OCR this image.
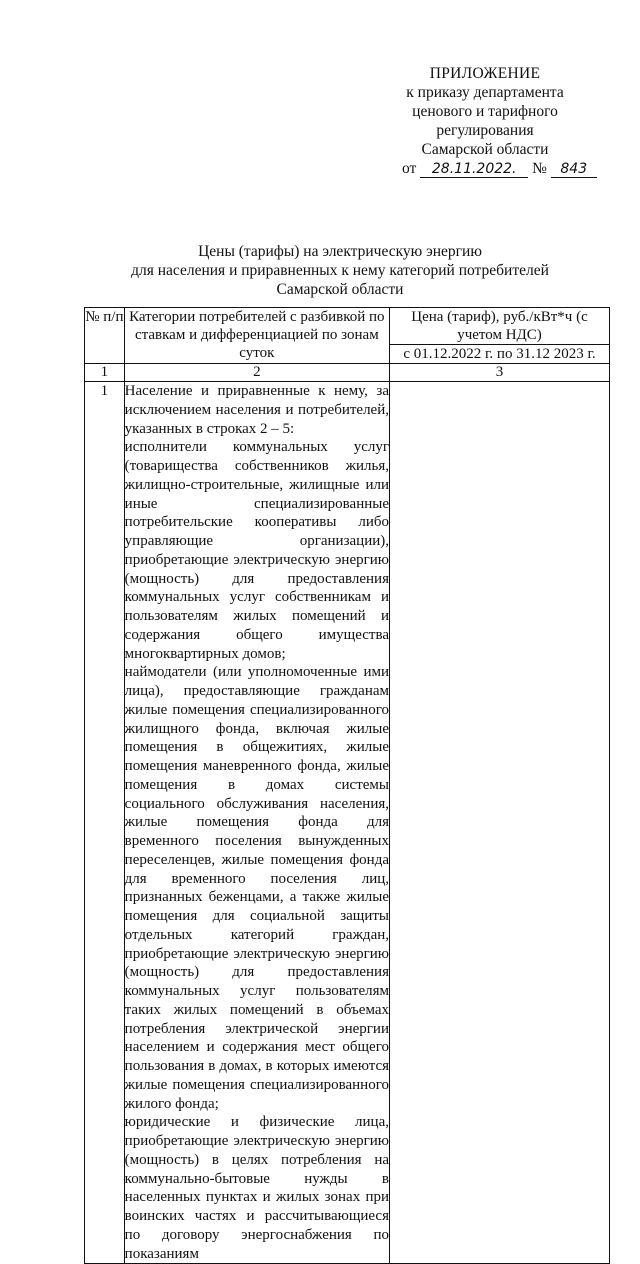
ПРИЛОЖЕНИЕ
к приказу департамента
ценового и тарифного
регулирования
Самарской области
от 28.11.2022. № 843
Цены (тарифы) на электрическую энергию
для населения и приравненных к нему категорий потребителей
Самарской области
№ п/п	Категории потребителей с разбивкой по ставкам и дифференциацией по зонам суток	Цена (тариф), руб./кВт*ч (с учетом НДС)
		с 01.12.2022 г. по 31.12 2023 г.
1	2	3
1	Население и приравненные к нему, за исключением населения и потребителей, указанных в строках 2 – 5:

исполнители коммунальных услуг (товарищества собственников жилья, жилищно-строительные, жилищные или иные специализированные потребительские кооперативы либо управляющие организации), приобретающие электрическую энергию (мощность) для предоставления коммунальных услуг собственникам и пользователям жилых помещений и содержания общего имущества многоквартирных домов;

наймодатели (или уполномоченные ими лица), предоставляющие гражданам жилые помещения специализированного жилищного фонда, включая жилые помещения в общежитиях, жилые помещения маневренного фонда, жилые помещения в домах системы социального обслуживания населения, жилые помещения фонда для временного поселения вынужденных переселенцев, жилые помещения фонда для временного поселения лиц, признанных беженцами, а также жилые помещения для социальной защиты отдельных категорий граждан, приобретающие электрическую энергию (мощность) для предоставления коммунальных услуг пользователям таких жилых помещений в объемах потребления электрической энергии населением и содержания мест общего пользования в домах, в которых имеются жилые помещения специализированного жилого фонда;

юридические и физические лица, приобретающие электрическую энергию (мощность) в целях потребления на коммунально-бытовые нужды в населенных пунктах и жилых зонах при воинских частях и рассчитывающиеся по договору энергоснабжения по показаниям	
